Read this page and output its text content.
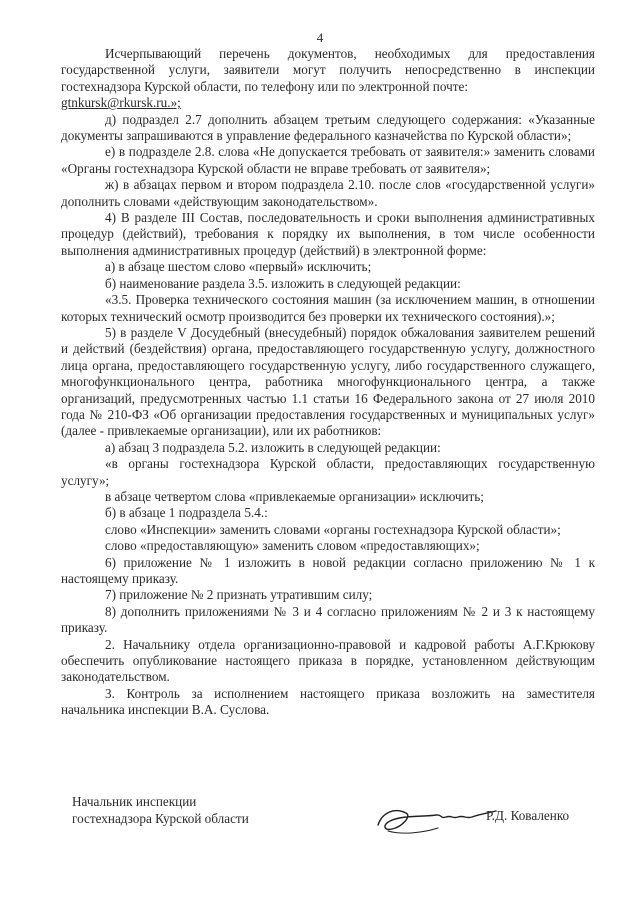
4

Исчерпывающий перечень документов, необходимых для предоставления государственной услуги, заявители могут получить непосредственно в инспекции гостехнадзора Курской области, по телефону или по электронной почте:

gtnkursk@rkursk.ru.»;

д) подраздел 2.7 дополнить абзацем третьим следующего содержания: «Указанные документы запрашиваются в управление федерального казначейства по Курской области»;

е) в подразделе 2.8. слова «Не допускается требовать от заявителя:» заменить словами «Органы гостехнадзора Курской области не вправе требовать от заявителя»;

ж) в абзацах первом и втором подраздела 2.10. после слов «государственной услуги» дополнить словами «действующим законодательством».

4) В разделе III Состав, последовательность и сроки выполнения административных процедур (действий), требования к порядку их выполнения, в том числе особенности выполнения административных процедур (действий) в электронной форме:

а) в абзаце шестом слово «первый» исключить;

б) наименование раздела 3.5. изложить в следующей редакции:

«3.5. Проверка технического состояния машин (за исключением машин, в отношении которых технический осмотр производится без проверки их технического состояния).»;

5) в разделе V Досудебный (внесудебный) порядок обжалования заявителем решений и действий (бездействия) органа, предоставляющего государственную услугу, должностного лица органа, предоставляющего государственную услугу, либо государственного служащего, многофункционального центра, работника многофункционального центра, а также организаций, предусмотренных частью 1.1 статьи 16 Федерального закона от 27 июля 2010 года № 210-ФЗ «Об организации предоставления государственных и муниципальных услуг» (далее - привлекаемые организации), или их работников:

а) абзац 3 подраздела 5.2. изложить в следующей редакции:

«в органы гостехнадзора Курской области, предоставляющих государственную услугу»;

в абзаце четвертом слова «привлекаемые организации» исключить;

б) в абзаце 1 подраздела 5.4.:

слово «Инспекции» заменить словами «органы гостехнадзора Курской области»;

слово «предоставляющую» заменить словом «предоставляющих»;

6) приложение № 1 изложить в новой редакции согласно приложению № 1 к настоящему приказу.

7) приложение № 2 признать утратившим силу;

8) дополнить приложениями № 3 и 4 согласно приложениям № 2 и 3 к настоящему приказу.

2. Начальнику отдела организационно-правовой и кадровой работы А.Г.Крюкову обеспечить опубликование настоящего приказа в порядке, установленном действующим законодательством.

3. Контроль за исполнением настоящего приказа возложить на заместителя начальника инспекции В.А. Суслова.

Начальник инспекции
гостехнадзора Курской области	Р.Д. Коваленко
